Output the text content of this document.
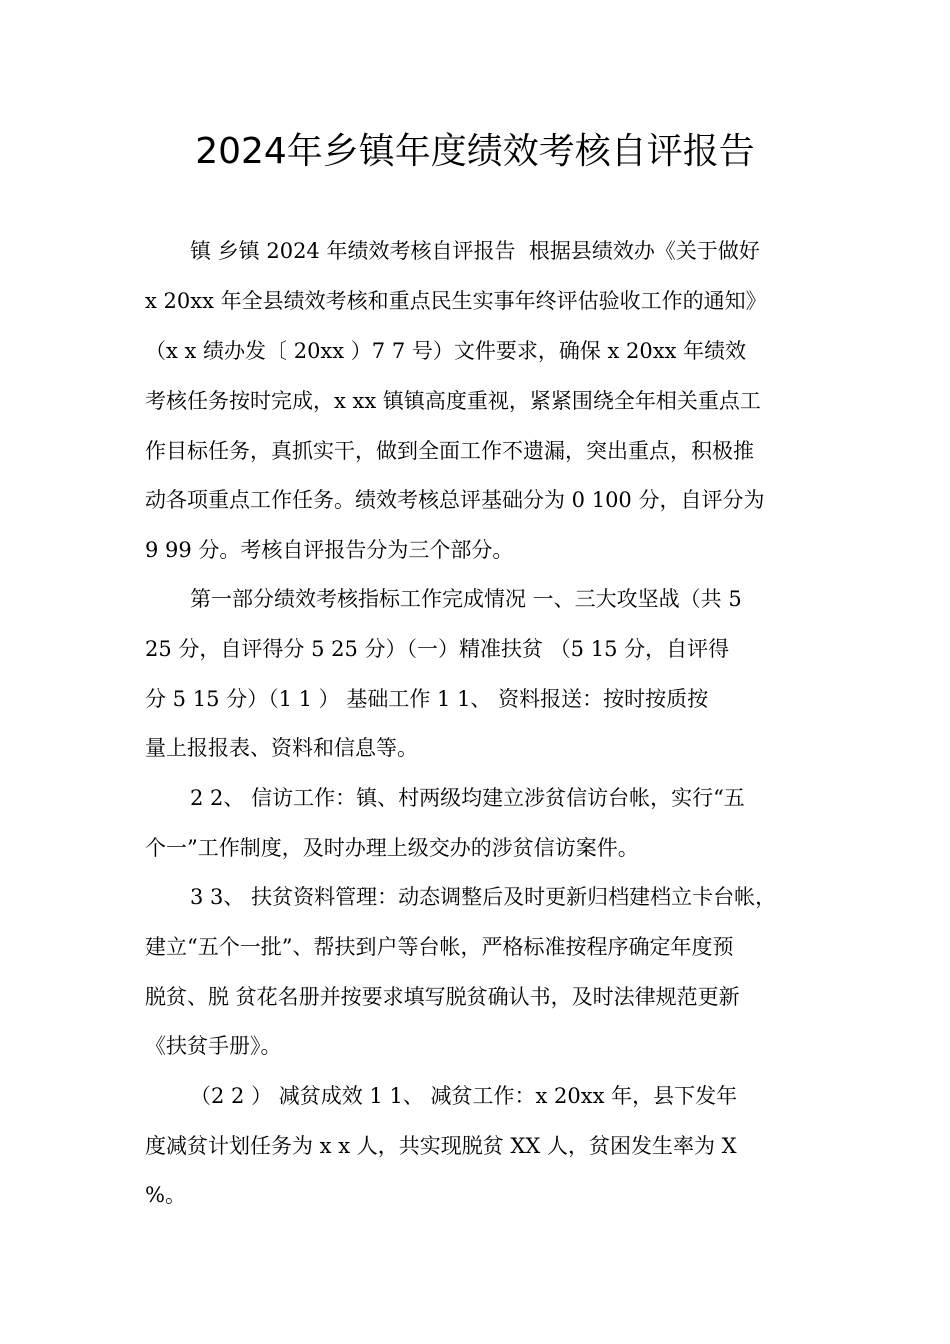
2024年乡镇年度绩效考核自评报告
镇 乡镇 2024 年绩效考核自评报告  根据县绩效办《关于做好
x 20xx 年全县绩效考核和重点民生实事年终评估验收工作的通知》
（x x 绩办发〔 20xx ）7 7 号）文件要求，确保 x 20xx 年绩效
考核任务按时完成，x xx 镇镇高度重视，紧紧围绕全年相关重点工
作目标任务，真抓实干，做到全面工作不遗漏，突出重点，积极推
动各项重点工作任务。绩效考核总评基础分为 0 100 分，自评分为
9 99 分。考核自评报告分为三个部分。
第一部分绩效考核指标工作完成情况 一、三大攻坚战（共 5
25 分，自评得分 5 25 分）（一）精准扶贫 （5 15 分，自评得
分 5 15 分）（1 1 ） 基础工作 1 1、 资料报送：按时按质按
量上报报表、资料和信息等。
2 2、 信访工作：镇、村两级均建立涉贫信访台帐，实行“五
个一”工作制度，及时办理上级交办的涉贫信访案件。
3 3、 扶贫资料管理：动态调整后及时更新归档建档立卡台帐，
建立“五个一批”、帮扶到户等台帐，严格标准按程序确定年度预
脱贫、脱 贫花名册并按要求填写脱贫确认书，及时法律规范更新
《扶贫手册》。
（2 2 ） 减贫成效 1 1、 减贫工作：x 20xx 年，县下发年
度减贫计划任务为 x x 人，共实现脱贫 XX 人，贫困发生率为 X
%。
